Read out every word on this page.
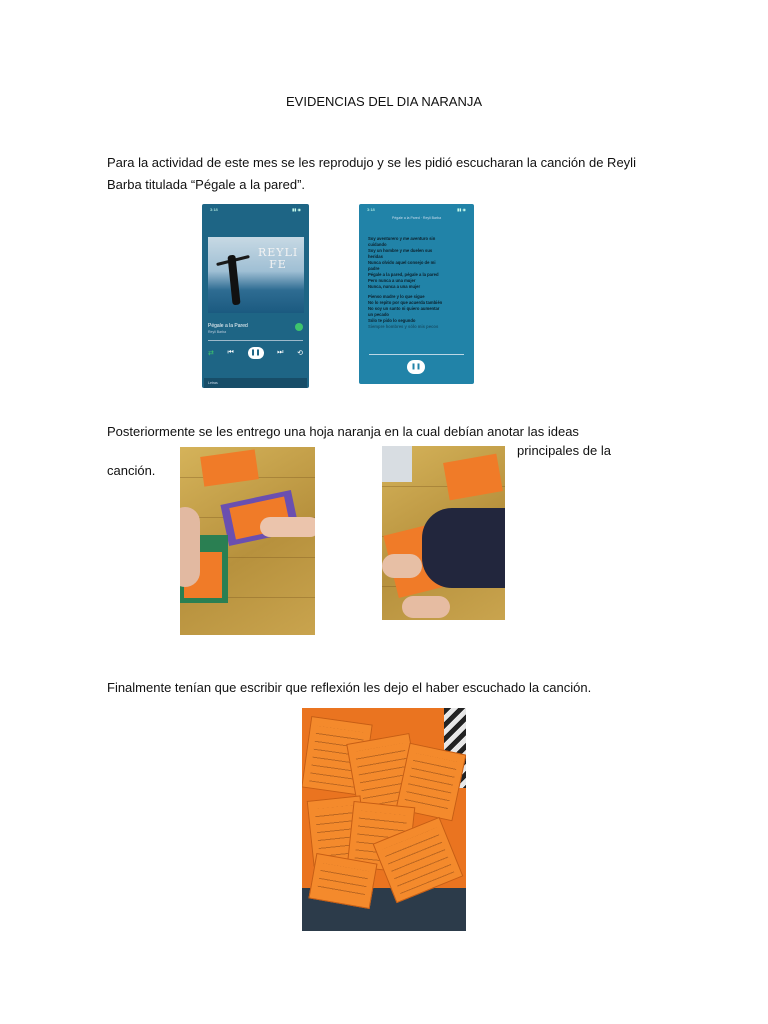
EVIDENCIAS DEL DIA NARANJA
Para la actividad de este mes se les reprodujo y se les pidió escucharan la canción de Reyli Barba titulada “Pégale a la pared”.
3:18	▮▮ ◉
REYLI FE
Pégale a la Pared
Reyli Barba
⇄ ⏮	❚❚	⏭ ⟲
Letras
3:18	▮▮ ◉
Pégale a la Pared · Reyli Barba
Soy aventurero y me aventuro sin
cuidando
Soy un hombre y me duelen sus
heridas
Nunca olvido aquel consejo de mi
padre
Pégale a la pared, pégale a la pared
Pero nunca a una mujer
Nunca, nunca a una mujer
Pienso madre y lo que sigue
No lo repito por que acuerda también
No soy un santo ni quiero aumentar
un pecado
Sólo te pido lo segundo
Siempre hombres y sólo mis pecos
❚❚
Posteriormente se les entrego una hoja naranja en la cual debían anotar las ideas
principales de la
canción.
Finalmente tenían que escribir que reflexión les dejo el haber escuchado la canción.
